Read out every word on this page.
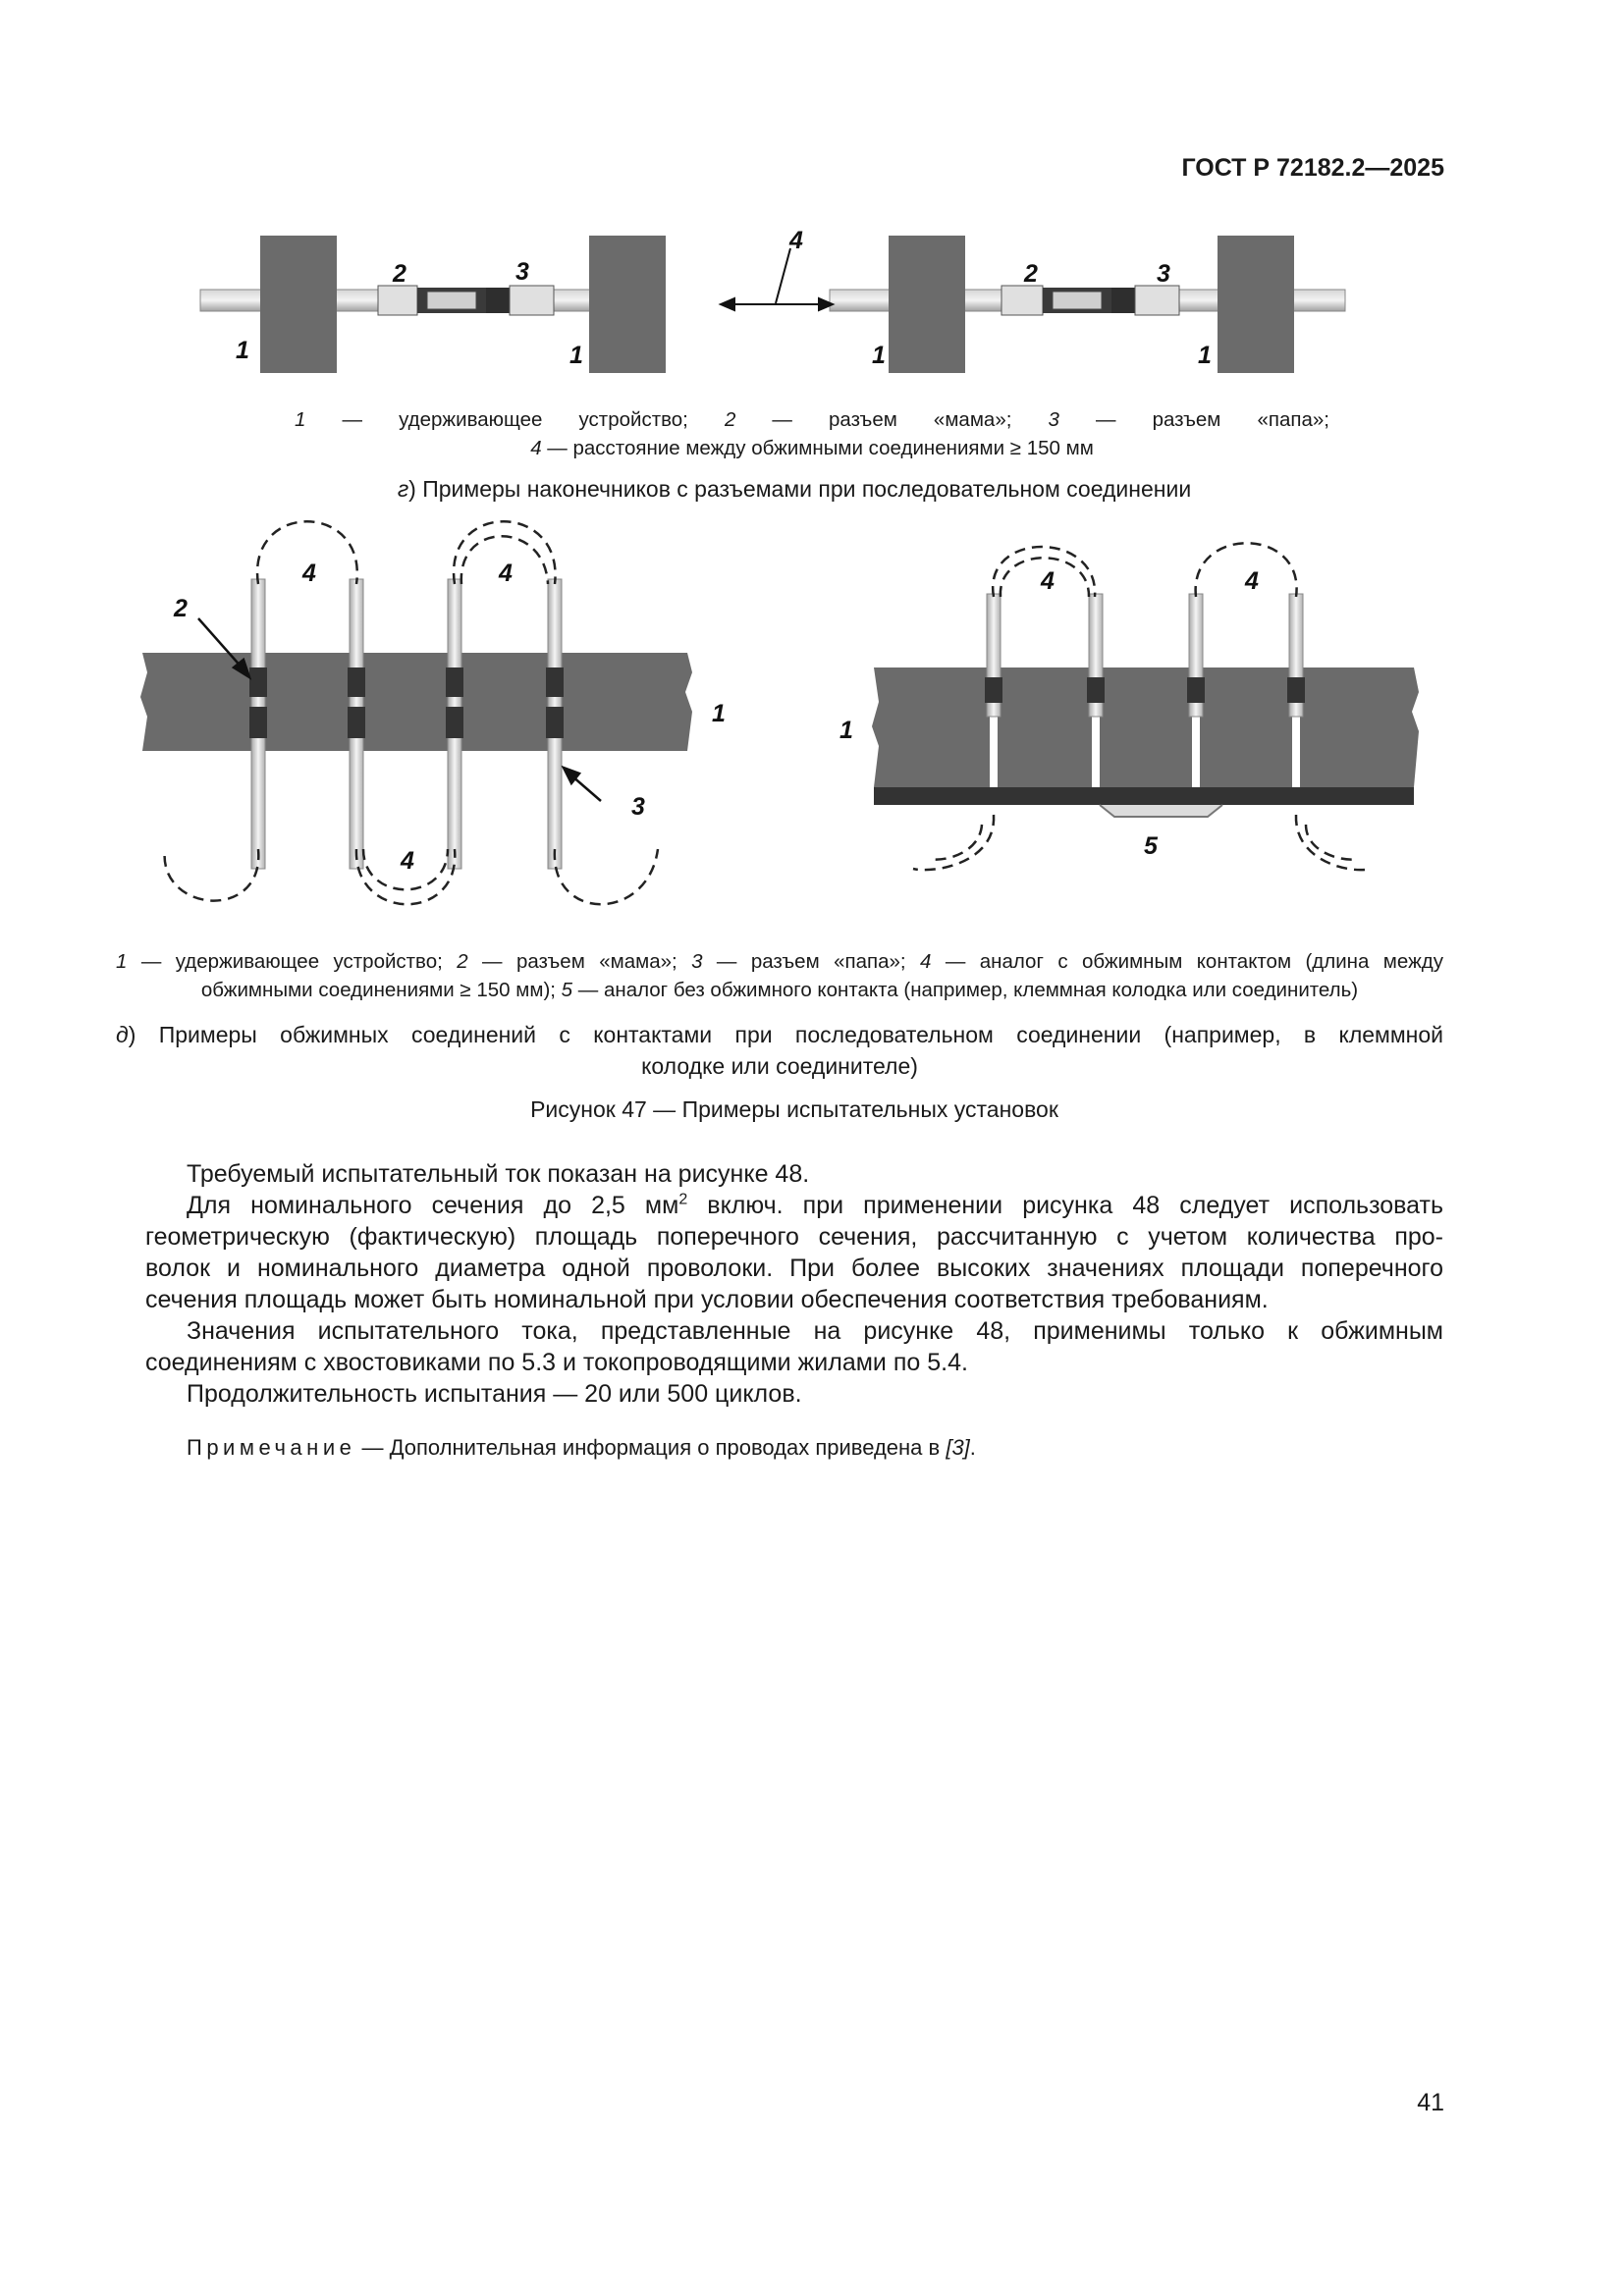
ГОСТ Р 72182.2—2025
1	1
2	3
4
1	1
2	3
1 — удерживающее устройство; 2 — разъем «мама»; 3 — разъем «папа»;
4 — расстояние между обжимными соединениями ≥ 150 мм
г) Примеры наконечников с разъемами при последовательном соединении
2
4	4
1
3
4
4	4
1
5
1 — удерживающее устройство; 2 — разъем «мама»; 3 — разъем «папа»; 4 — аналог с обжимным контактом (длина между
обжимными соединениями ≥ 150 мм); 5 — аналог без обжимного контакта (например, клеммная колодка или соединитель)
д) Примеры обжимных соединений с контактами при последовательном соединении (например, в клеммной
колодке или соединителе)
Рисунок 47 — Примеры испытательных установок

Требуемый испытательный ток показан на рисунке 48.

Для номинального сечения до 2,5 $мм^2$ включ. при применении рисунка 48 следует использовать

геометрическую (фактическую) площадь поперечного сечения, рассчитанную с учетом количества про-

волок и номинального диаметра одной проволоки. При более высоких значениях площади поперечного

сечения площадь может быть номинальной при условии обеспечения соответствия требованиям.

Значения испытательного тока, представленные на рисунке 48, применимы только к обжимным

соединениям с хвостовиками по 5.3 и токопроводящими жилами по 5.4.

Продолжительность испытания — 20 или 500 циклов.

Примечание — Дополнительная информация о проводах приведена в [3].
41
